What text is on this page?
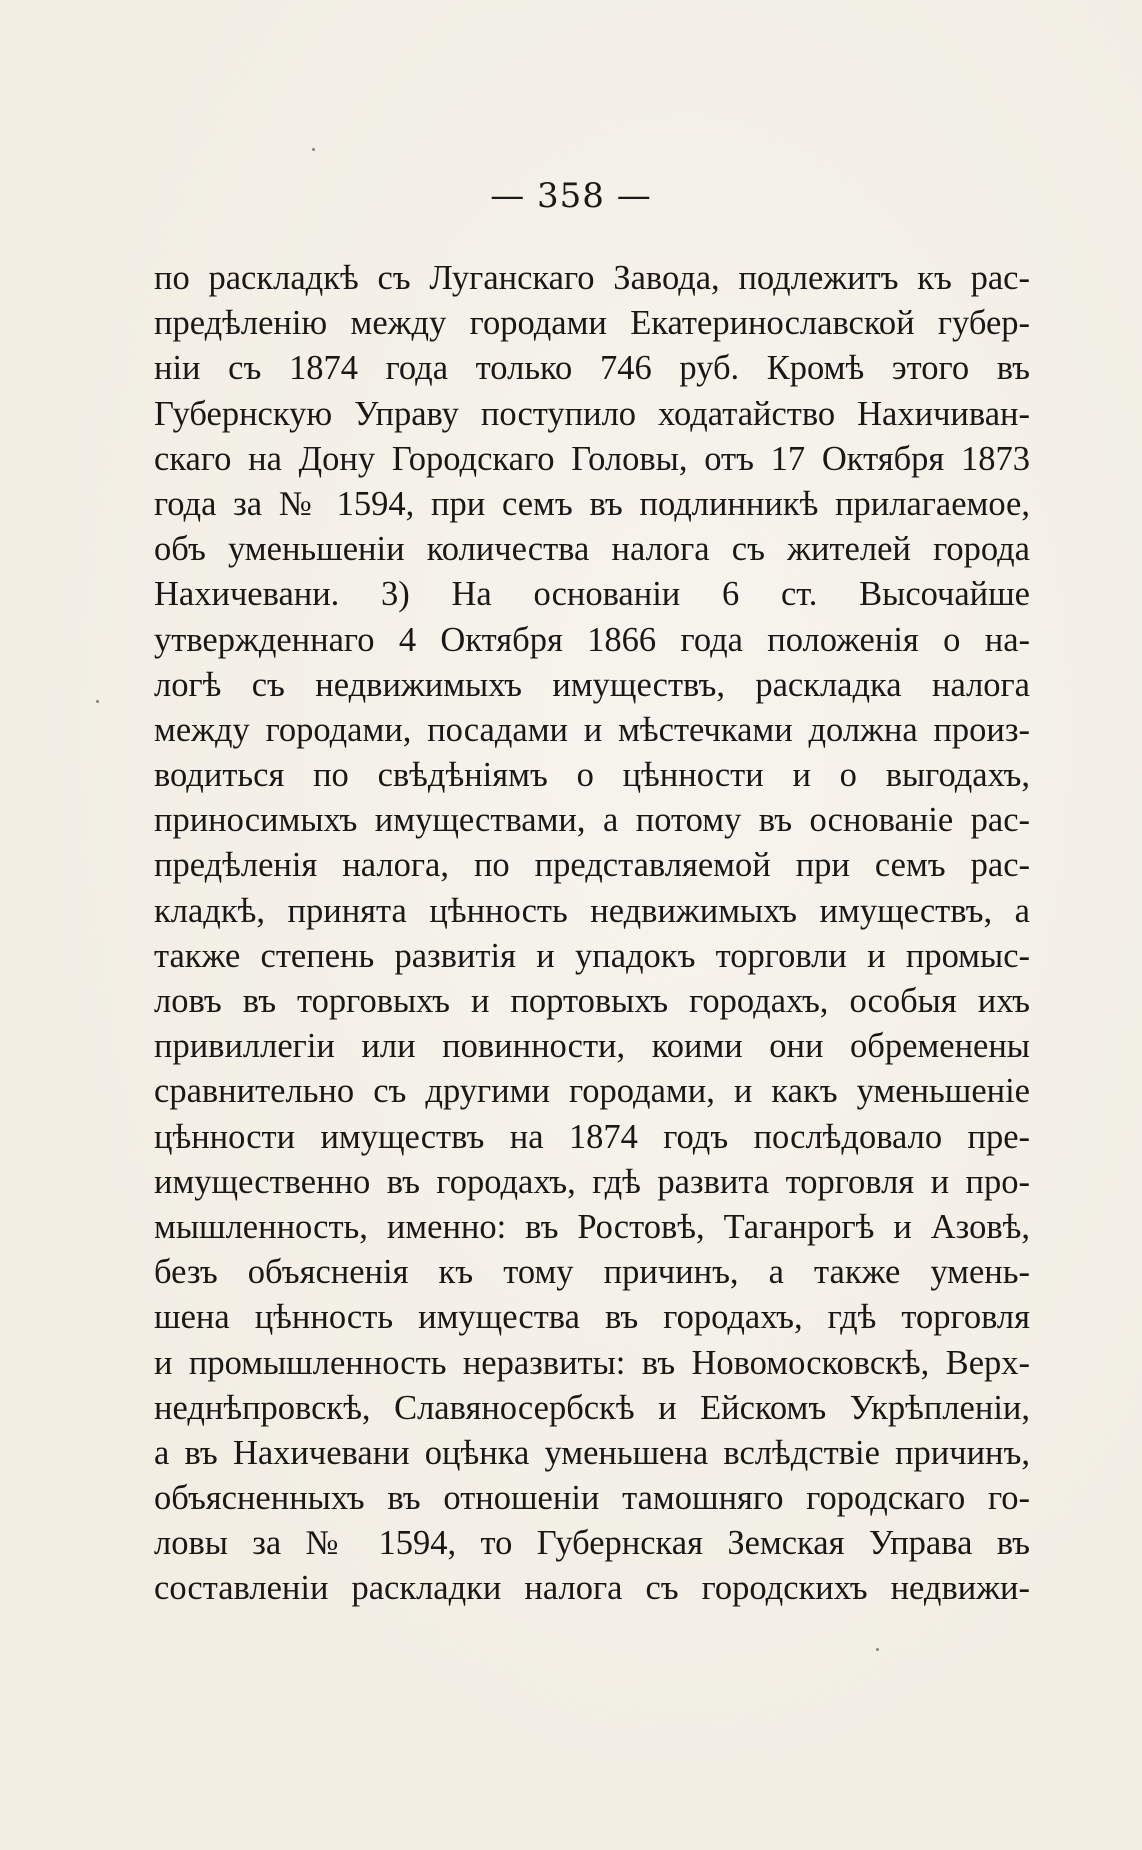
— 358 —
по раскладкѣ съ Луганскаго Завода, подлежитъ къ рас-
предѣленію между городами Екатеринославской губер-
ніи съ 1874 года только 746 руб. Кромѣ этого въ
Губернскую Управу поступило ходатайство Нахичиван-
скаго на Дону Городскаго Головы, отъ 17 Октября 1873
года за № 1594, при семъ въ подлинникѣ прилагаемое,
объ уменьшеніи количества налога съ жителей города
Нахичевани. 3) На основаніи 6 ст. Высочайше
утвержденнаго 4 Октября 1866 года положенія о на-
логѣ съ недвижимыхъ имуществъ, раскладка налога
между городами, посадами и мѣстечками должна произ-
водиться по свѣдѣніямъ о цѣнности и о выгодахъ,
приносимыхъ имуществами, а потому въ основаніе рас-
предѣленія налога, по представляемой при семъ рас-
кладкѣ, принята цѣнность недвижимыхъ имуществъ, а
также степень развитія и упадокъ торговли и промыс-
ловъ въ торговыхъ и портовыхъ городахъ, особыя ихъ
привиллегіи или повинности, коими они обременены
сравнительно съ другими городами, и какъ уменьшеніе
цѣнности имуществъ на 1874 годъ послѣдовало пре-
имущественно въ городахъ, гдѣ развита торговля и про-
мышленность, именно: въ Ростовѣ, Таганрогѣ и Азовѣ,
безъ объясненія къ тому причинъ, а также умень-
шена цѣнность имущества въ городахъ, гдѣ торговля
и промышленность неразвиты: въ Новомосковскѣ, Верх-
неднѣпровскѣ, Славяносербскѣ и Ейскомъ Укрѣпленіи,
а въ Нахичевани оцѣнка уменьшена вслѣдствіе причинъ,
объясненныхъ въ отношеніи тамошняго городскаго го-
ловы за № 1594, то Губернская Земская Управа въ
составленіи раскладки налога съ городскихъ недвижи-
